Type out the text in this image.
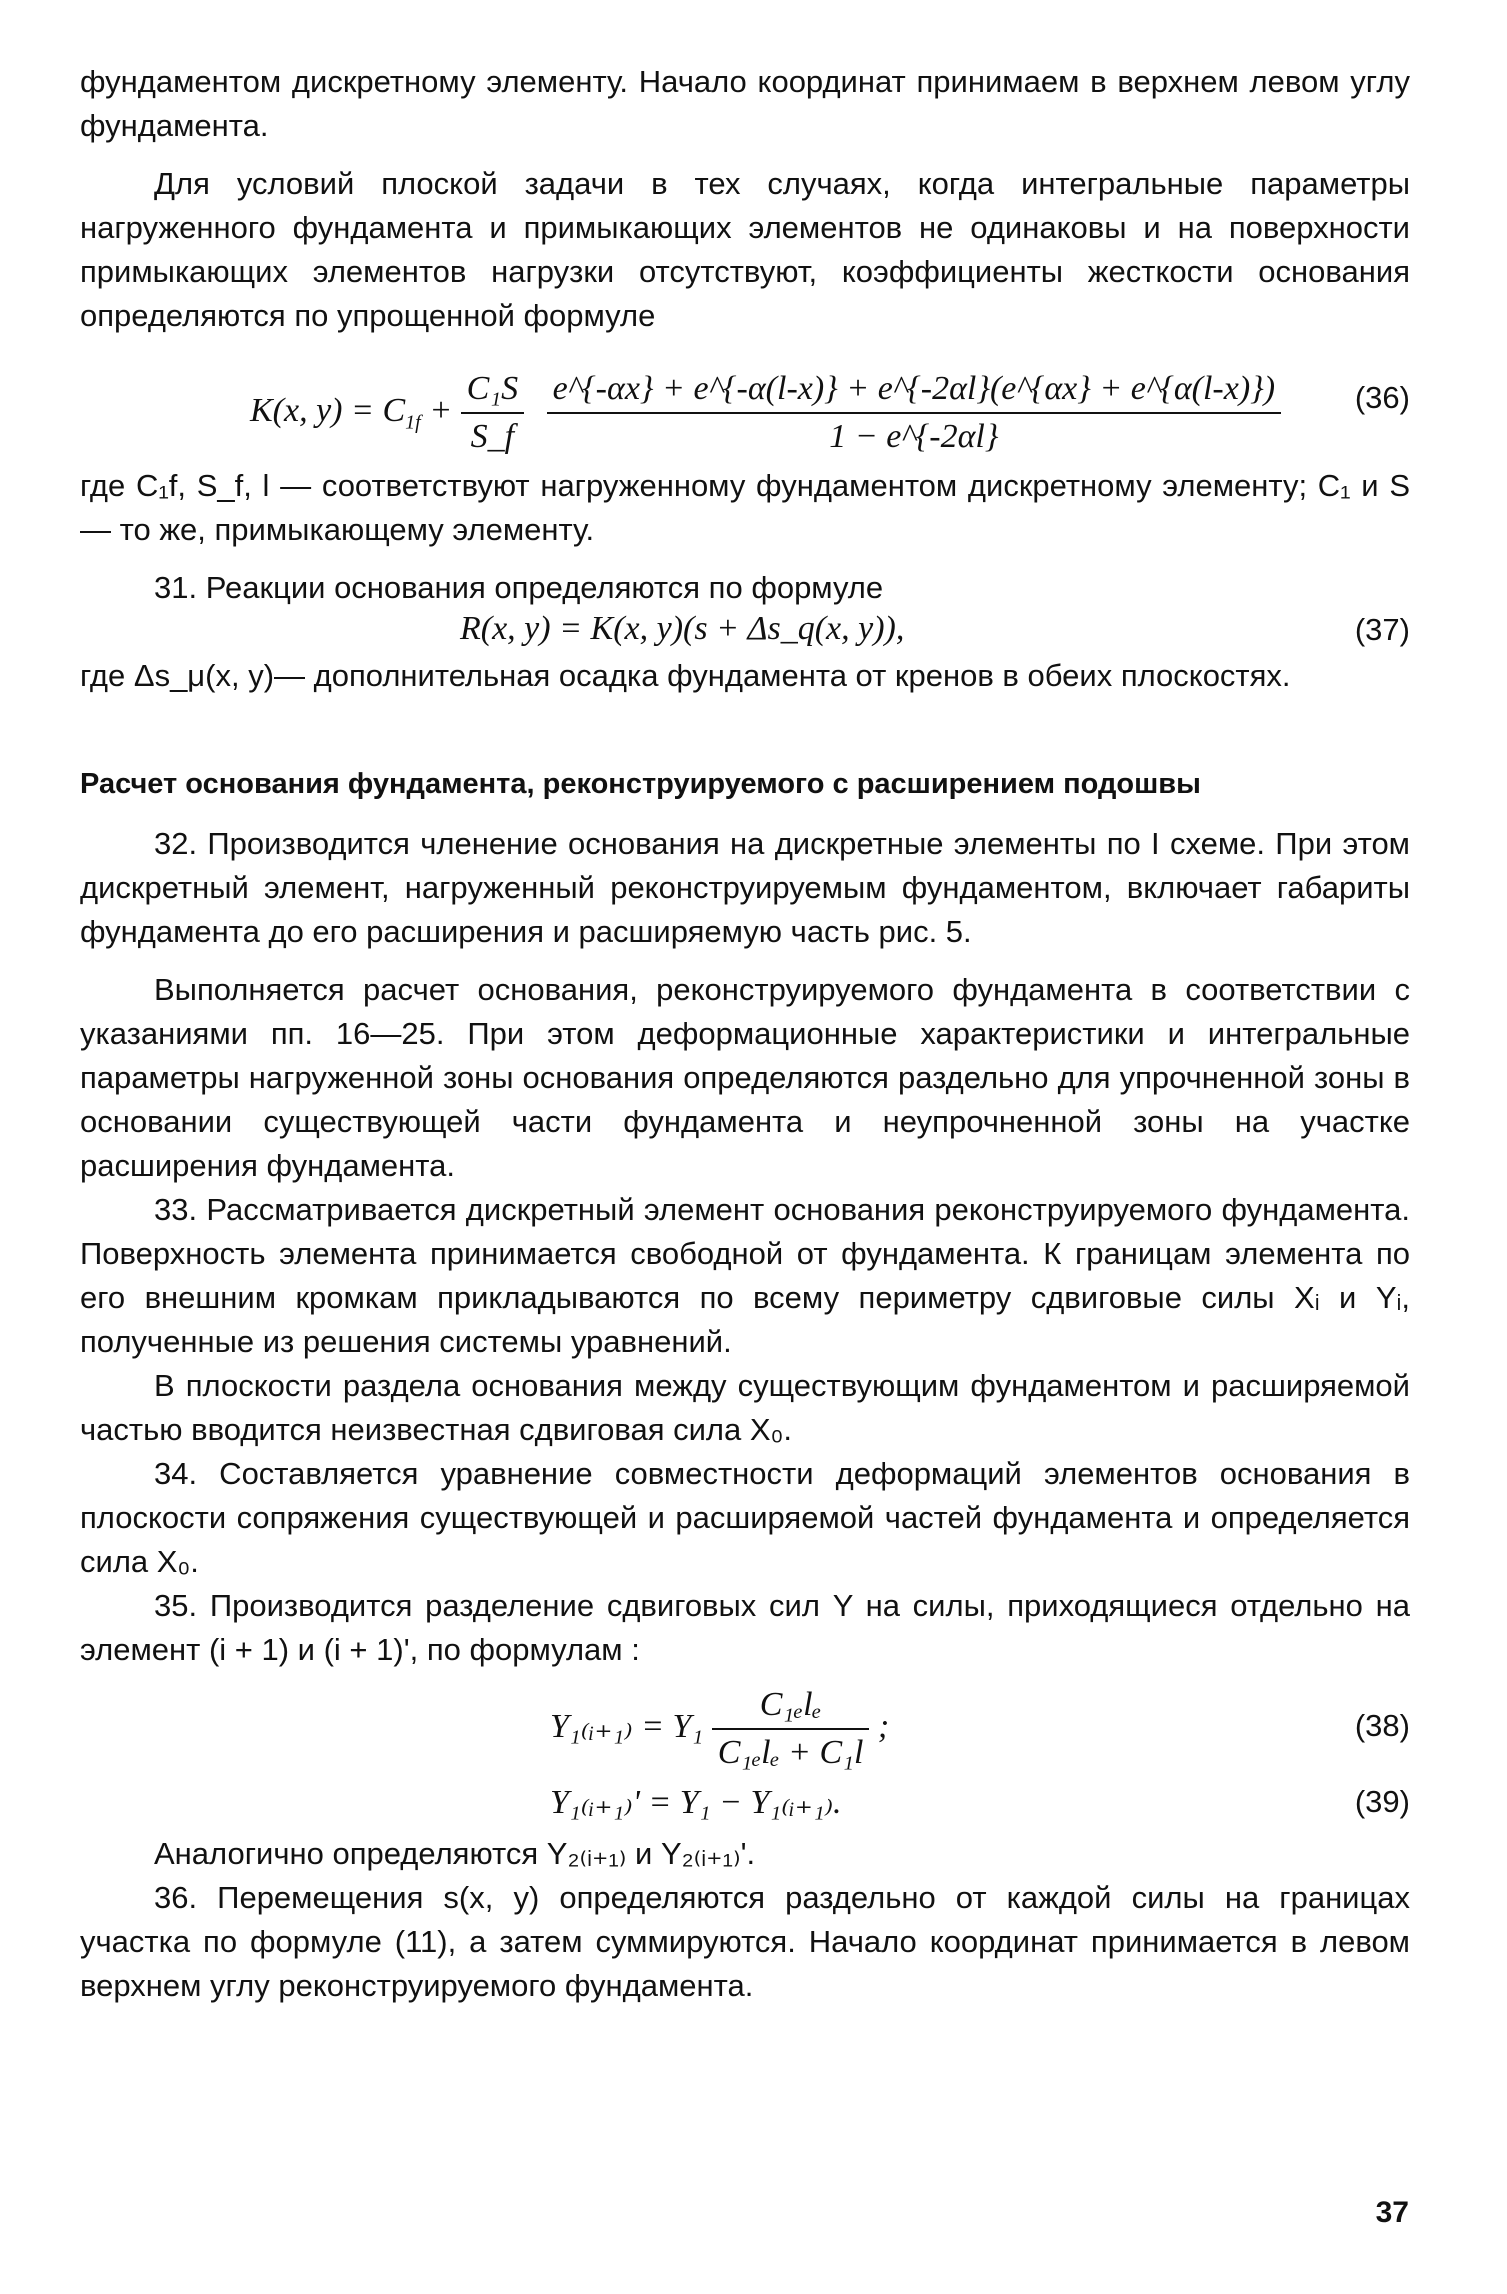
фундаментом дискретному элементу. Начало координат принимаем в верхнем левом углу фундамента.

Для условий плоской задачи в тех случаях, когда интегральные параметры нагруженного фундамента и примыкающих элементов не одинаковы и на поверхности примыкающих элементов нагрузки отсутствуют, коэффициенты жесткости основания определяются по упрощенной формуле

K(x, $y) = C_{1f} + \frac{\text{C₁S}}{S\_f}$
$\frac{e\^{}\{-\alpha x\} + e\^{}\{-\alpha(l-x)\} + e\^{}\{-2\alpha l\}(e\^{}\{\alpha x\} + e\^{}\{\alpha(l-x)\})}{1 - e\^{}\{-2\alpha l\}} (36)$

где C₁f, S_f, l — соответствуют нагруженному фундаментом дискретному элементу; C₁ и S — то же, примыкающему элементу.

31. Реакции основания определяются по формуле

R(x, y) = K(x, y)(s + Δs_q(x, y)),	(37)

где Δs_μ(x, y)— дополнительная осадка фундамента от кренов в обеих плоскостях.

Расчет основания фундамента, реконструируемого с расширением подошвы

32. Производится членение основания на дискретные элементы по I схеме. При этом дискретный элемент, нагруженный реконструируемым фундаментом, включает габариты фундамента до его расширения и расширяемую часть рис. 5.

Выполняется расчет основания, реконструируемого фундамента в соответствии с указаниями пп. 16—25. При этом деформационные характеристики и интегральные параметры нагруженной зоны основания определяются раздельно для упрочненной зоны в основании существующей части фундамента и неупрочненной зоны на участке расширения фундамента.

33. Рассматривается дискретный элемент основания реконструируемого фундамента. Поверхность элемента принимается свободной от фундамента. К границам элемента по его внешним кромкам прикладываются по всему периметру сдвиговые силы Xᵢ и Yᵢ, полученные из решения системы уравнений.

В плоскости раздела основания между существующим фундаментом и расширяемой частью вводится неизвестная сдвиговая сила X₀.

34. Составляется уравнение совместности деформаций элементов основания в плоскости сопряжения существующей и расширяемой частей фундамента и определяется сила X₀.

35. Производится разделение сдвиговых сил Y на силы, приходящиеся отдельно на элемент (i + 1) и (i + 1)', по формулам :

Y₁₍ᵢ₊₁₎ = $Y_1 \frac{\text{C₁ₑlₑ}}{\text{C₁ₑlₑ + C₁l}}$ ;	(38)
Y₁₍ᵢ₊₁₎' = Y₁ − Y₁₍ᵢ₊₁₎.	(39)

Аналогично определяются Y₂₍ᵢ₊₁₎ и Y₂₍ᵢ₊₁₎'.

36. Перемещения s(x, y) определяются раздельно от каждой силы на границах участка по формуле (11), а затем суммируются. Начало координат принимается в левом верхнем углу реконструируемого фундамента.

37
